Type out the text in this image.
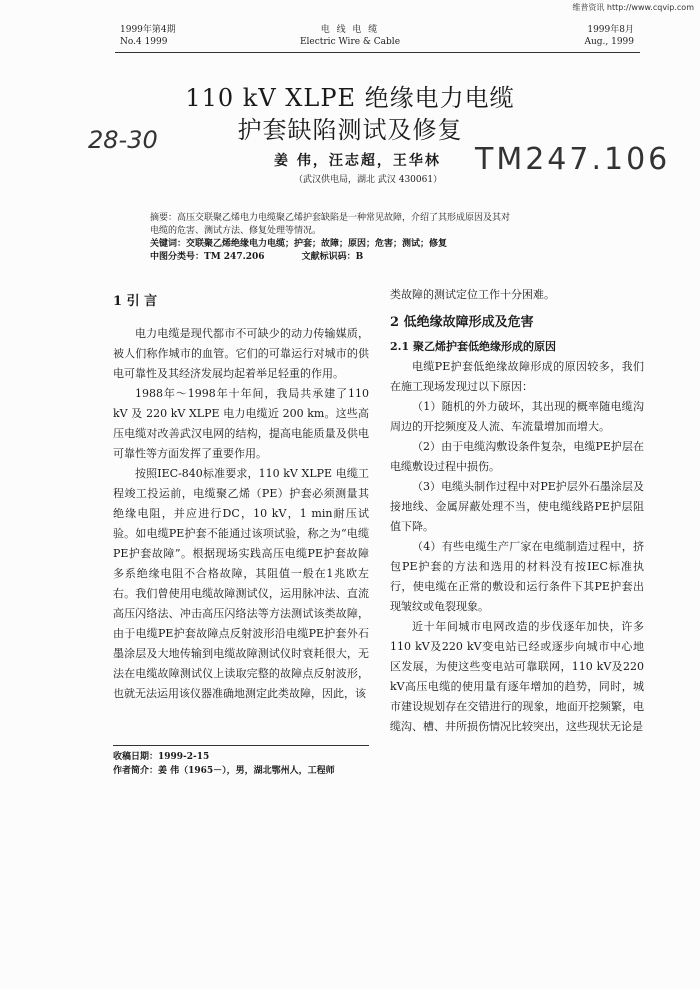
维普资讯 http://www.cqvip.com
1999年第4期
No.4 1999
电 线 电 缆
Electric Wire & Cable
1999年8月
Aug., 1999
110 kV XLPE 绝缘电力电缆
护套缺陷测试及修复
28-30
TM247.106
姜 伟，汪志超，王华林
（武汉供电局，湖北 武汉 430061）

摘要：高压交联聚乙烯电力电缆聚乙烯护套缺陷是一种常见故障，介绍了其形成原因及其对

电缆的危害、测试方法、修复处理等情况。

关键词：交联聚乙烯绝缘电力电缆；护套；故障；原因；危害；测试；修复

中图分类号：TM 247.206	文献标识码：B

1 引 言

电力电缆是现代都市不可缺少的动力传输媒质，被人们称作城市的血管。它们的可靠运行对城市的供电可靠性及其经济发展均起着举足轻重的作用。

1988年～1998年十年间，我局共承建了110 kV 及 220 kV XLPE 电力电缆近 200 km。这些高压电缆对改善武汉电网的结构，提高电能质量及供电可靠性等方面发挥了重要作用。

按照IEC-840标准要求，110 kV XLPE 电缆工程竣工投运前，电缆聚乙烯（PE）护套必须测量其绝缘电阻，并应进行DC，10 kV，1 min耐压试验。如电缆PE护套不能通过该项试验，称之为“电缆PE护套故障”。根据现场实践高压电缆PE护套故障多系绝缘电阻不合格故障，其阻值一般在1兆欧左右。我们曾使用电缆故障测试仪，运用脉冲法、直流高压闪络法、冲击高压闪络法等方法测试该类故障，由于电缆PE护套故障点反射波形沿电缆PE护套外石墨涂层及大地传输到电缆故障测试仪时衰耗很大，无法在电缆故障测试仪上读取完整的故障点反射波形，也就无法运用该仪器准确地测定此类故障，因此，该

收稿日期：1999-2-15
作者简介：姜 伟（1965－），男，湖北鄂州人，工程师

类故障的测试定位工作十分困难。

2 低绝缘故障形成及危害

2.1 聚乙烯护套低绝缘形成的原因

电缆PE护套低绝缘故障形成的原因较多，我们在施工现场发现过以下原因：

（1）随机的外力破坏，其出现的概率随电缆沟周边的开挖频度及人流、车流量增加而增大。

（2）由于电缆沟敷设条件复杂，电缆PE护层在电缆敷设过程中损伤。

（3）电缆头制作过程中对PE护层外石墨涂层及接地线、金属屏蔽处理不当，使电缆线路PE护层阻值下降。

（4）有些电缆生产厂家在电缆制造过程中，挤包PE护套的方法和选用的材料没有按IEC标准执行，使电缆在正常的敷设和运行条件下其PE护套出现皱纹或龟裂现象。

近十年间城市电网改造的步伐逐年加快，许多110 kV及220 kV变电站已经或逐步向城市中心地区发展，为使这些变电站可靠联网，110 kV及220 kV高压电缆的使用量有逐年增加的趋势，同时，城市建设规划存在交错进行的现象，地面开挖频繁，电缆沟、槽、井所损伤情况比较突出，这些现状无论是
